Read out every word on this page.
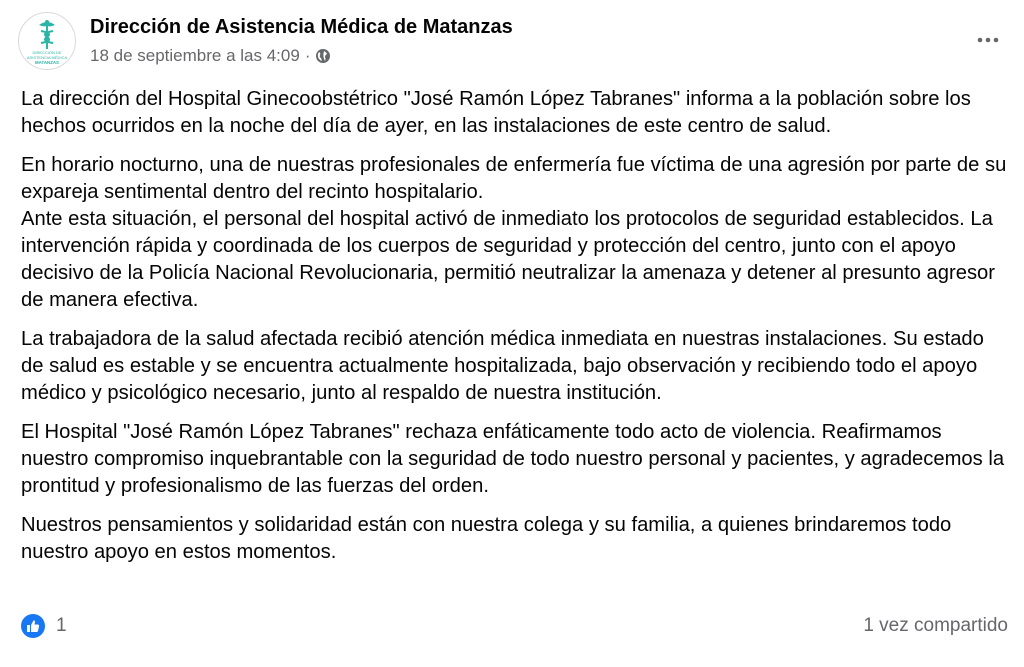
DIRECCIÓN DE
ASISTENCIA MÉDICA
MATANZAS
Dirección de Asistencia Médica de Matanzas
18 de septiembre a las 4:09 ·

La dirección del Hospital Ginecoobstétrico "José Ramón López Tabranes" informa a la población sobre los hechos ocurridos en la noche del día de ayer, en las instalaciones de este centro de salud.

En horario nocturno, una de nuestras profesionales de enfermería fue víctima de una agresión por parte de su expareja sentimental dentro del recinto hospitalario.
Ante esta situación, el personal del hospital activó de inmediato los protocolos de seguridad establecidos. La intervención rápida y coordinada de los cuerpos de seguridad y protección del centro, junto con el apoyo decisivo de la Policía Nacional Revolucionaria, permitió neutralizar la amenaza y detener al presunto agresor de manera efectiva.

La trabajadora de la salud afectada recibió atención médica inmediata en nuestras instalaciones. Su estado de salud es estable y se encuentra actualmente hospitalizada, bajo observación y recibiendo todo el apoyo médico y psicológico necesario, junto al respaldo de nuestra institución.

El Hospital "José Ramón López Tabranes" rechaza enfáticamente todo acto de violencia. Reafirmamos nuestro compromiso inquebrantable con la seguridad de todo nuestro personal y pacientes, y agradecemos la prontitud y profesionalismo de las fuerzas del orden.

Nuestros pensamientos y solidaridad están con nuestra colega y su familia, a quienes brindaremos todo nuestro apoyo en estos momentos.

1	1 vez compartido
